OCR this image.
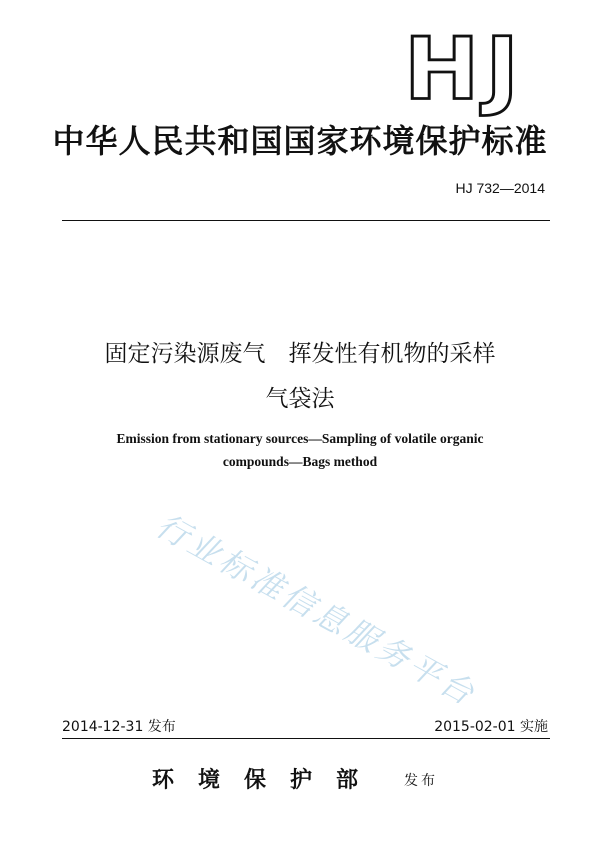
HJ
中华人民共和国国家环境保护标准
HJ 732—2014
固定污染源废气　挥发性有机物的采样
气袋法
Emission from stationary sources—Sampling of volatile organic
compounds—Bags method
行业标准信息服务平台
2014-12-31 发布	2015-02-01 实施
环境保护部 发布
